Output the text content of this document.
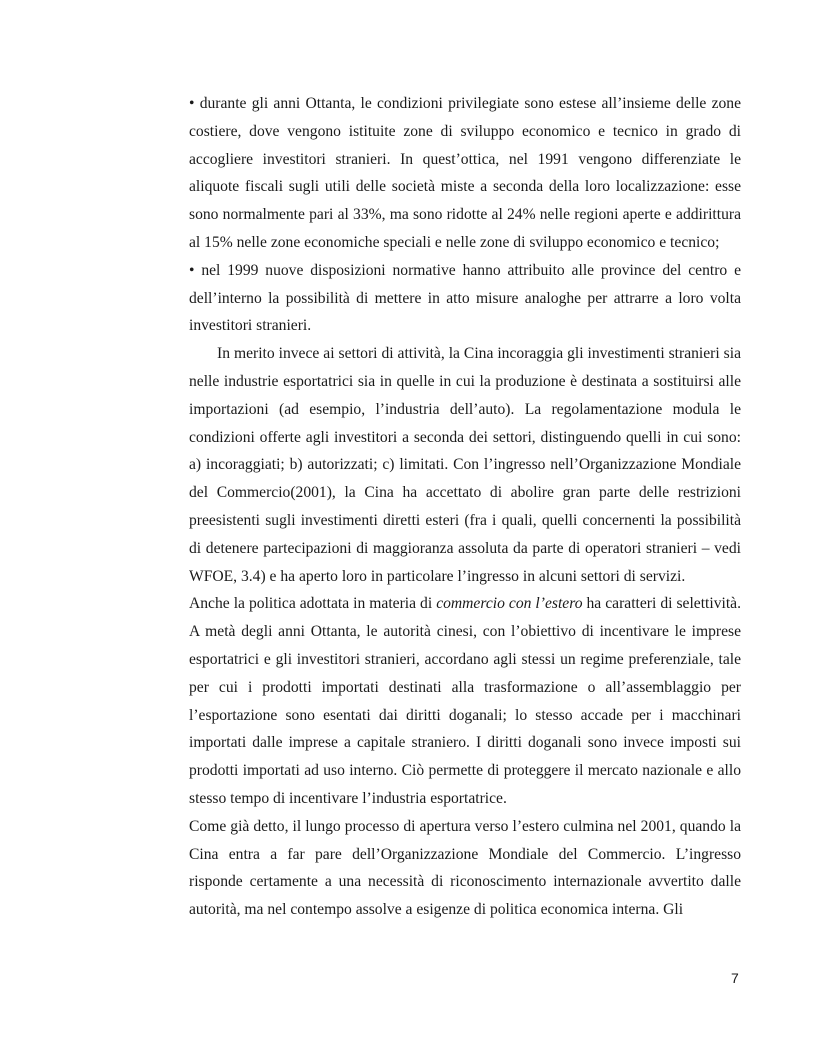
• durante gli anni Ottanta, le condizioni privilegiate sono estese all’insieme delle zone costiere, dove vengono istituite zone di sviluppo economico e tecnico in grado di accogliere investitori stranieri. In quest’ottica, nel 1991 vengono differenziate le aliquote fiscali sugli utili delle società miste a seconda della loro localizzazione: esse sono normalmente pari al 33%, ma sono ridotte al 24% nelle regioni aperte e addirittura al 15% nelle zone economiche speciali e nelle zone di sviluppo economico e tecnico;

• nel 1999 nuove disposizioni normative hanno attribuito alle province del centro e dell’interno la possibilità di mettere in atto misure analoghe per attrarre a loro volta investitori stranieri.

In merito invece ai settori di attività, la Cina incoraggia gli investimenti stranieri sia nelle industrie esportatrici sia in quelle in cui la produzione è destinata a sostituirsi alle importazioni (ad esempio, l’industria dell’auto). La regolamentazione modula le condizioni offerte agli investitori a seconda dei settori, distinguendo quelli in cui sono: a) incoraggiati; b) autorizzati; c) limitati. Con l’ingresso nell’Organizzazione Mondiale del Commercio(2001), la Cina ha accettato di abolire gran parte delle restrizioni preesistenti sugli investimenti diretti esteri (fra i quali, quelli concernenti la possibilità di detenere partecipazioni di maggioranza assoluta da parte di operatori stranieri – vedi WFOE, 3.4) e ha aperto loro in particolare l’ingresso in alcuni settori di servizi.

Anche la politica adottata in materia di commercio con l’estero ha caratteri di selettività. A metà degli anni Ottanta, le autorità cinesi, con l’obiettivo di incentivare le imprese esportatrici e gli investitori stranieri, accordano agli stessi un regime preferenziale, tale per cui i prodotti importati destinati alla trasformazione o all’assemblaggio per l’esportazione sono esentati dai diritti doganali; lo stesso accade per i macchinari importati dalle imprese a capitale straniero. I diritti doganali sono invece imposti sui prodotti importati ad uso interno. Ciò permette di proteggere il mercato nazionale e allo stesso tempo di incentivare l’industria esportatrice.

Come già detto, il lungo processo di apertura verso l’estero culmina nel 2001, quando la Cina entra a far pare dell’Organizzazione Mondiale del Commercio. L’ingresso risponde certamente a una necessità di riconoscimento internazionale avvertito dalle autorità, ma nel contempo assolve a esigenze di politica economica interna. Gli

7
